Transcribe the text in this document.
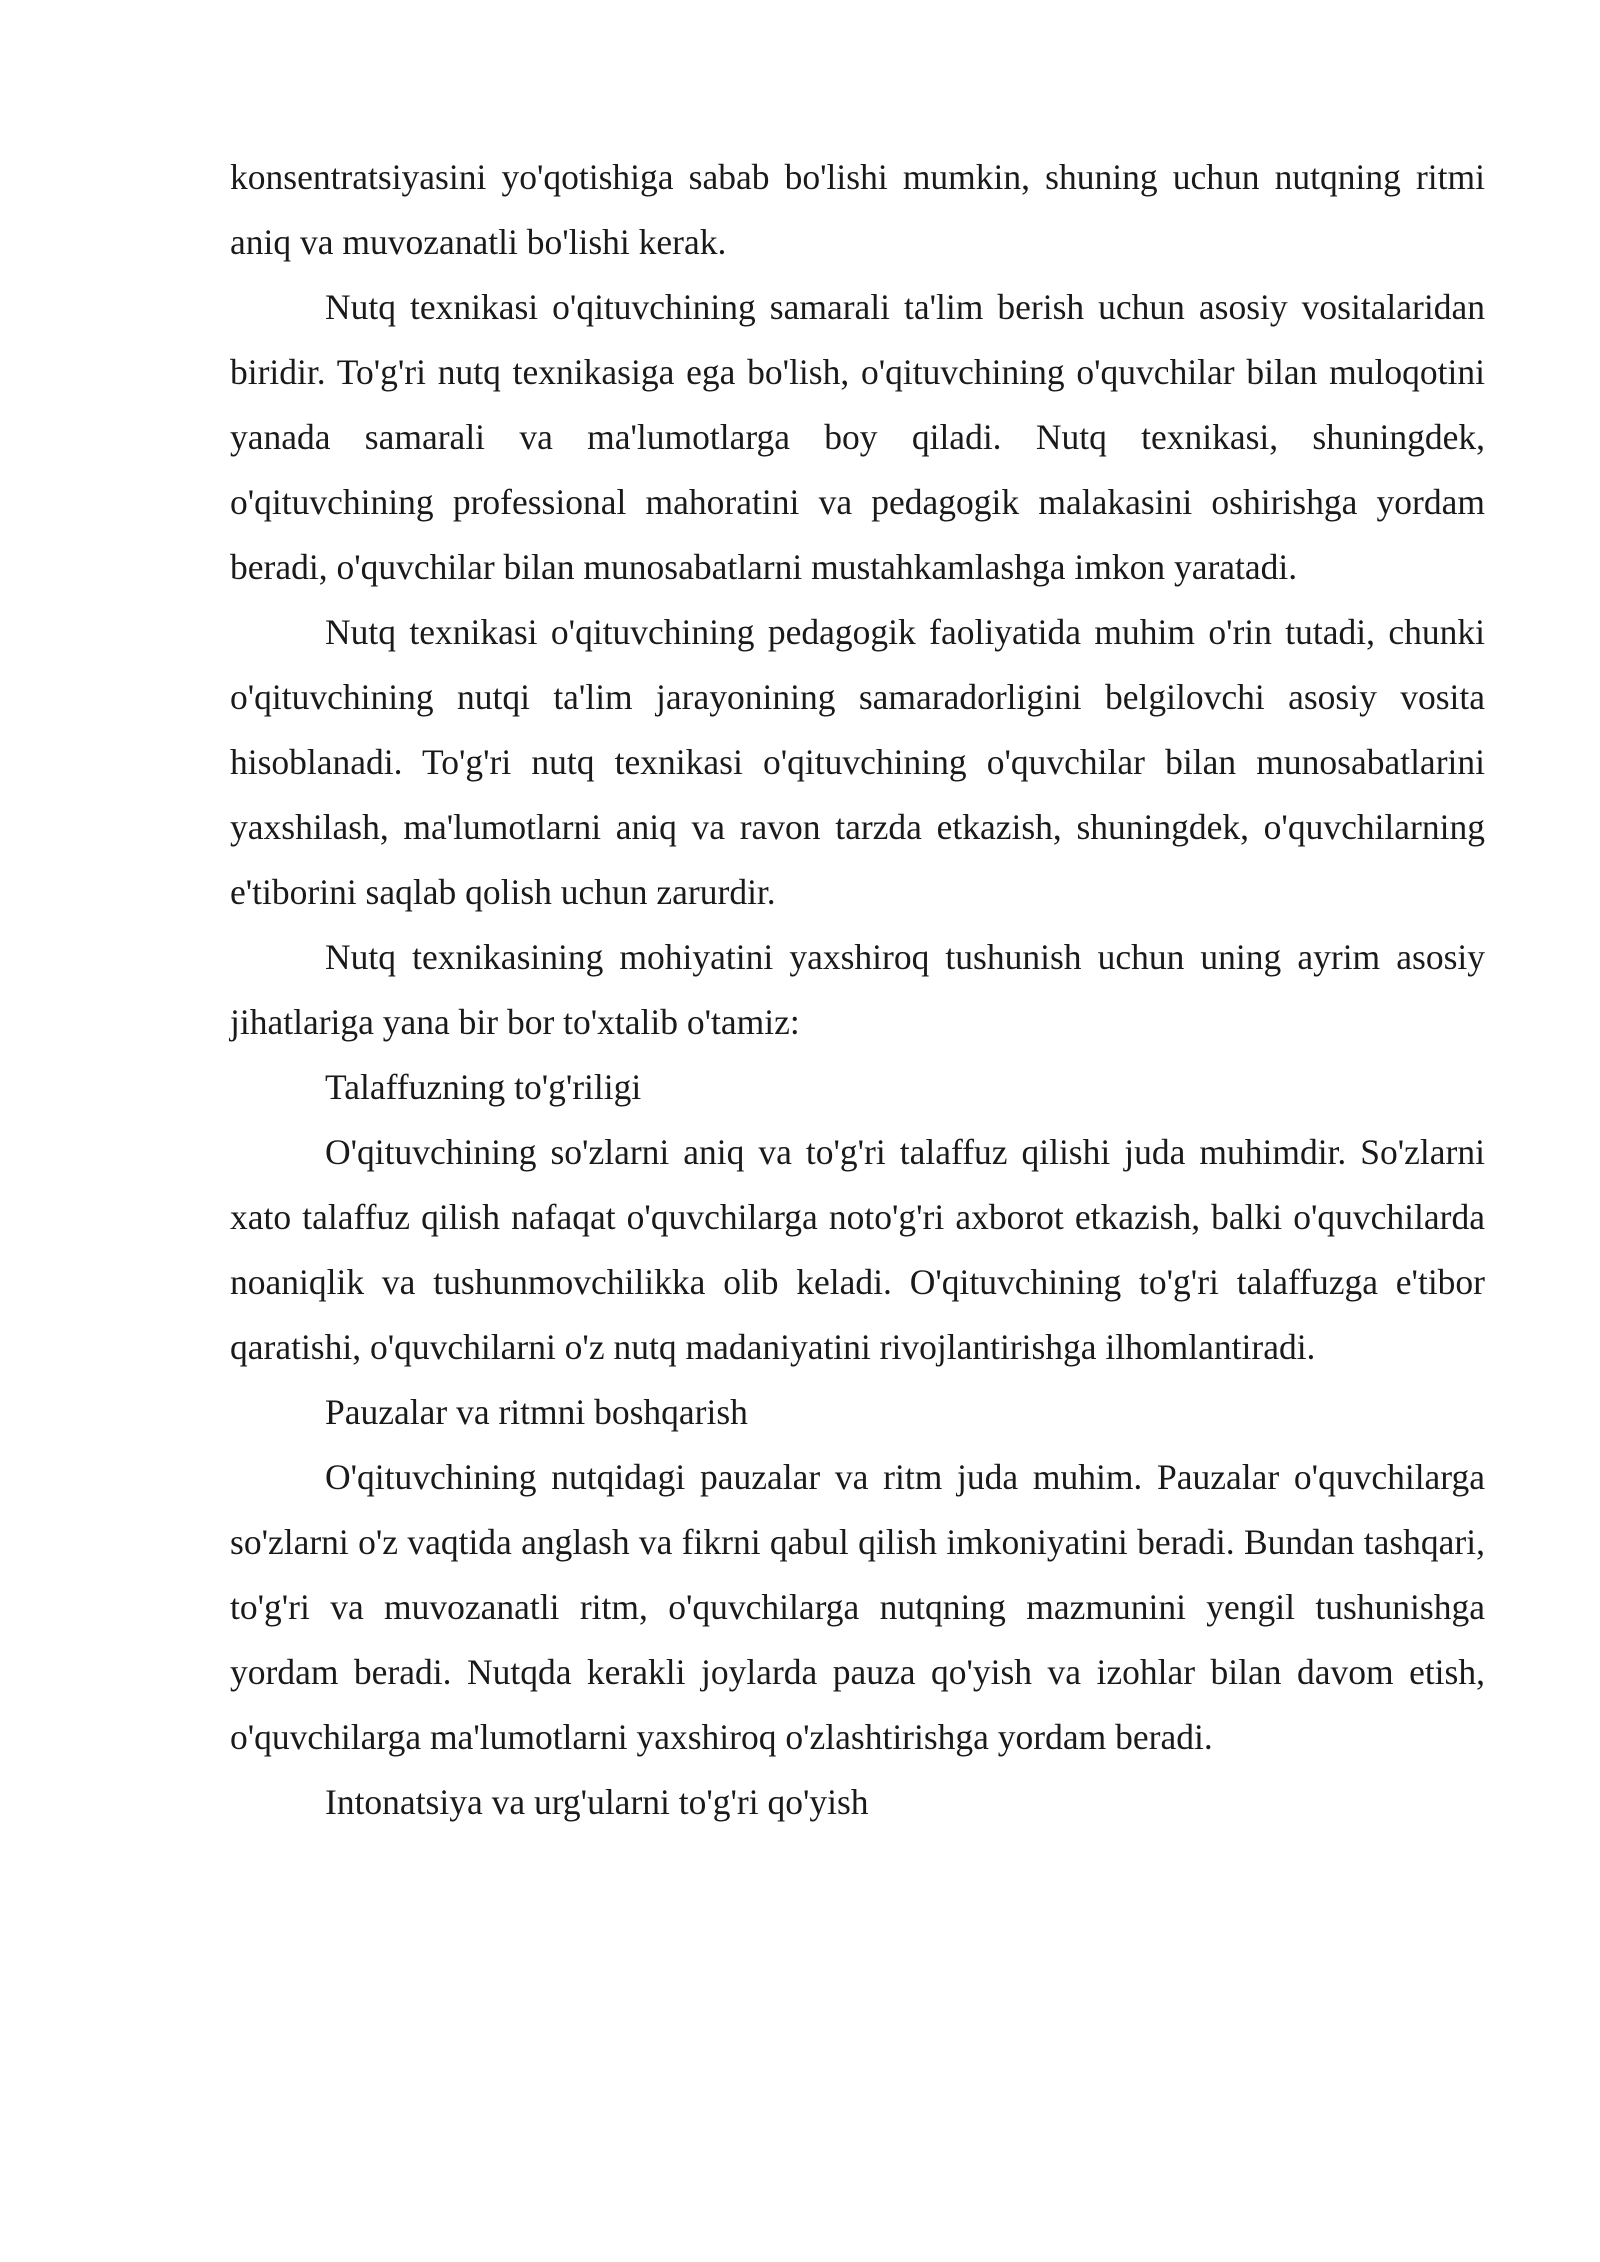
konsentratsiyasini yo'qotishiga sabab bo'lishi mumkin, shuning uchun nutqning ritmi aniq va muvozanatli bo'lishi kerak.

Nutq texnikasi o'qituvchining samarali ta'lim berish uchun asosiy vositalaridan biridir. To'g'ri nutq texnikasiga ega bo'lish, o'qituvchining o'quvchilar bilan muloqotini yanada samarali va ma'lumotlarga boy qiladi. Nutq texnikasi, shuningdek, o'qituvchining professional mahoratini va pedagogik malakasini oshirishga yordam beradi, o'quvchilar bilan munosabatlarni mustahkamlashga imkon yaratadi.

Nutq texnikasi o'qituvchining pedagogik faoliyatida muhim o'rin tutadi, chunki o'qituvchining nutqi ta'lim jarayonining samaradorligini belgilovchi asosiy vosita hisoblanadi. To'g'ri nutq texnikasi o'qituvchining o'quvchilar bilan munosabatlarini yaxshilash, ma'lumotlarni aniq va ravon tarzda etkazish, shuningdek, o'quvchilarning e'tiborini saqlab qolish uchun zarurdir.

Nutq texnikasining mohiyatini yaxshiroq tushunish uchun uning ayrim asosiy jihatlariga yana bir bor to'xtalib o'tamiz:

Talaffuzning to'g'riligi

O'qituvchining so'zlarni aniq va to'g'ri talaffuz qilishi juda muhimdir. So'zlarni xato talaffuz qilish nafaqat o'quvchilarga noto'g'ri axborot etkazish, balki o'quvchilarda noaniqlik va tushunmovchilikka olib keladi. O'qituvchining to'g'ri talaffuzga e'tibor qaratishi, o'quvchilarni o'z nutq madaniyatini rivojlantirishga ilhomlantiradi.

Pauzalar va ritmni boshqarish

O'qituvchining nutqidagi pauzalar va ritm juda muhim. Pauzalar o'quvchilarga so'zlarni o'z vaqtida anglash va fikrni qabul qilish imkoniyatini beradi. Bundan tashqari, to'g'ri va muvozanatli ritm, o'quvchilarga nutqning mazmunini yengil tushunishga yordam beradi. Nutqda kerakli joylarda pauza qo'yish va izohlar bilan davom etish, o'quvchilarga ma'lumotlarni yaxshiroq o'zlashtirishga yordam beradi.

Intonatsiya va urg'ularni to'g'ri qo'yish
